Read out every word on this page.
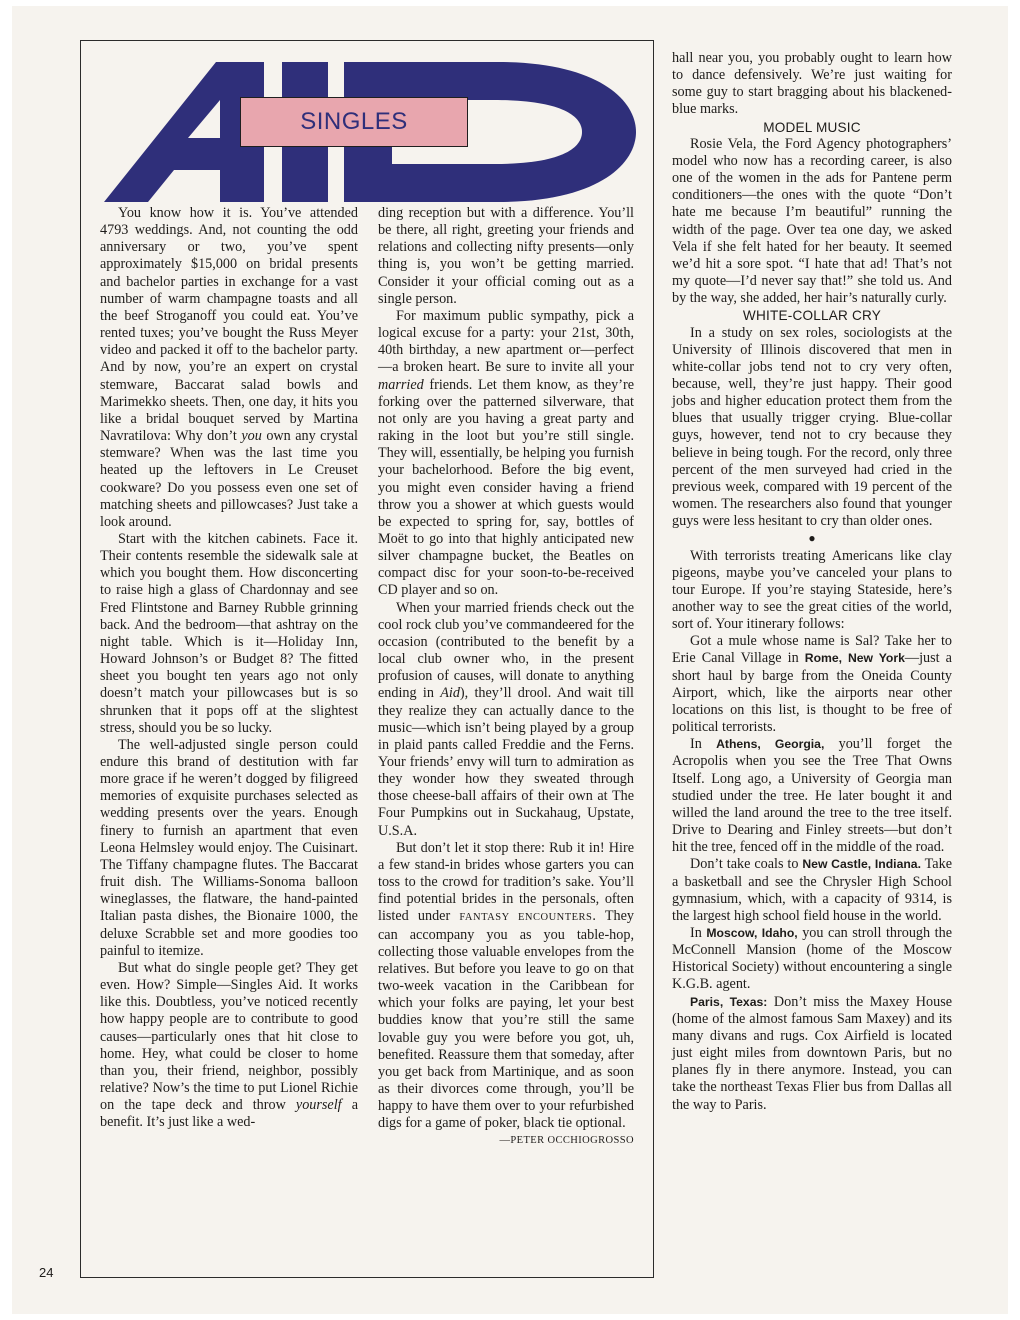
SINGLES

You know how it is. You’ve attended 4793 weddings. And, not counting the odd anniversary or two, you’ve spent approximately $15,000 on bridal presents and bachelor parties in exchange for a vast number of warm champagne toasts and all the beef Stroganoff you could eat. You’ve rented tuxes; you’ve bought the Russ Meyer video and packed it off to the bachelor party. And by now, you’re an expert on crystal stemware, Baccarat salad bowls and Marimekko sheets. Then, one day, it hits you like a bridal bouquet served by Martina Navratilova: Why don’t you own any crystal stemware? When was the last time you heated up the leftovers in Le Creuset cookware? Do you possess even one set of matching sheets and pillowcases? Just take a look around.

Start with the kitchen cabinets. Face it. Their contents resemble the sidewalk sale at which you bought them. How disconcerting to raise high a glass of Chardonnay and see Fred Flintstone and Barney Rubble grinning back. And the bedroom—that ashtray on the night table. Which is it—Holiday Inn, Howard Johnson’s or Budget 8? The fitted sheet you bought ten years ago not only doesn’t match your pillowcases but is so shrunken that it pops off at the slightest stress, should you be so lucky.

The well-adjusted single person could endure this brand of destitution with far more grace if he weren’t dogged by filigreed memories of exquisite purchases selected as wedding presents over the years. Enough finery to furnish an apartment that even Leona Helmsley would enjoy. The Cuisinart. The Tiffany champagne flutes. The Baccarat fruit dish. The Williams-Sonoma balloon wineglasses, the flatware, the hand-painted Italian pasta dishes, the Bionaire 1000, the deluxe Scrabble set and more goodies too painful to itemize.

But what do single people get? They get even. How? Simple—Singles Aid. It works like this. Doubtless, you’ve noticed recently how happy people are to contribute to good causes—particularly ones that hit close to home. Hey, what could be closer to home than you, their friend, neighbor, possibly relative? Now’s the time to put Lionel Richie on the tape deck and throw yourself a benefit. It’s just like a wed-

ding reception but with a difference. You’ll be there, all right, greeting your friends and relations and collecting nifty presents—only thing is, you won’t be getting married. Consider it your official coming out as a single person.

For maximum public sympathy, pick a logical excuse for a party: your 21st, 30th, 40th birthday, a new apartment or—perfect—a broken heart. Be sure to invite all your married friends. Let them know, as they’re forking over the patterned silverware, that not only are you having a great party and raking in the loot but you’re still single. They will, essentially, be helping you furnish your bachelorhood. Before the big event, you might even consider having a friend throw you a shower at which guests would be expected to spring for, say, bottles of Moët to go into that highly anticipated new silver champagne bucket, the Beatles on compact disc for your soon-to-be-received CD player and so on.

When your married friends check out the cool rock club you’ve commandeered for the occasion (contributed to the benefit by a local club owner who, in the present profusion of causes, will donate to anything ending in Aid), they’ll drool. And wait till they realize they can actually dance to the music—which isn’t being played by a group in plaid pants called Freddie and the Ferns. Your friends’ envy will turn to admiration as they wonder how they sweated through those cheese-ball affairs of their own at The Four Pumpkins out in Suckahaug, Upstate, U.S.A.

But don’t let it stop there: Rub it in! Hire a few stand-in brides whose garters you can toss to the crowd for tradition’s sake. You’ll find potential brides in the personals, often listed under FANTASY ENCOUNTERS. They can accompany you as you table-hop, collecting those valuable envelopes from the relatives. But before you leave to go on that two-week vacation in the Caribbean for which your folks are paying, let your best buddies know that you’re still the same lovable guy you were before you got, uh, benefited. Reassure them that someday, after you get back from Martinique, and as soon as their divorces come through, you’ll be happy to have them over to your refurbished digs for a game of poker, black tie optional.

—PETER OCCHIOGROSSO

hall near you, you probably ought to learn how to dance defensively. We’re just waiting for some guy to start bragging about his blackened-blue marks.

MODEL MUSIC

Rosie Vela, the Ford Agency photographers’ model who now has a recording career, is also one of the women in the ads for Pantene perm conditioners—the ones with the quote “Don’t hate me because I’m beautiful” running the width of the page. Over tea one day, we asked Vela if she felt hated for her beauty. It seemed we’d hit a sore spot. “I hate that ad! That’s not my quote—I’d never say that!” she told us. And by the way, she added, her hair’s naturally curly.

WHITE-COLLAR CRY

In a study on sex roles, sociologists at the University of Illinois discovered that men in white-collar jobs tend not to cry very often, because, well, they’re just happy. Their good jobs and higher education protect them from the blues that usually trigger crying. Blue-collar guys, however, tend not to cry because they believe in being tough. For the record, only three percent of the men surveyed had cried in the previous week, compared with 19 percent of the women. The researchers also found that younger guys were less hesitant to cry than older ones.

●

With terrorists treating Americans like clay pigeons, maybe you’ve canceled your plans to tour Europe. If you’re staying Stateside, here’s another way to see the great cities of the world, sort of. Your itinerary follows:

Got a mule whose name is Sal? Take her to Erie Canal Village in Rome, New York—just a short haul by barge from the Oneida County Airport, which, like the airports near other locations on this list, is thought to be free of political terrorists.

In Athens, Georgia, you’ll forget the Acropolis when you see the Tree That Owns Itself. Long ago, a University of Georgia man studied under the tree. He later bought it and willed the land around the tree to the tree itself. Drive to Dearing and Finley streets—but don’t hit the tree, fenced off in the middle of the road.

Don’t take coals to New Castle, Indiana. Take a basketball and see the Chrysler High School gymnasium, which, with a capacity of 9314, is the largest high school field house in the world.

In Moscow, Idaho, you can stroll through the McConnell Mansion (home of the Moscow Historical Society) without encountering a single K.G.B. agent.

Paris, Texas: Don’t miss the Maxey House (home of the almost famous Sam Maxey) and its many divans and rugs. Cox Airfield is located just eight miles from downtown Paris, but no planes fly in there anymore. Instead, you can take the northeast Texas Flier bus from Dallas all the way to Paris.

24
